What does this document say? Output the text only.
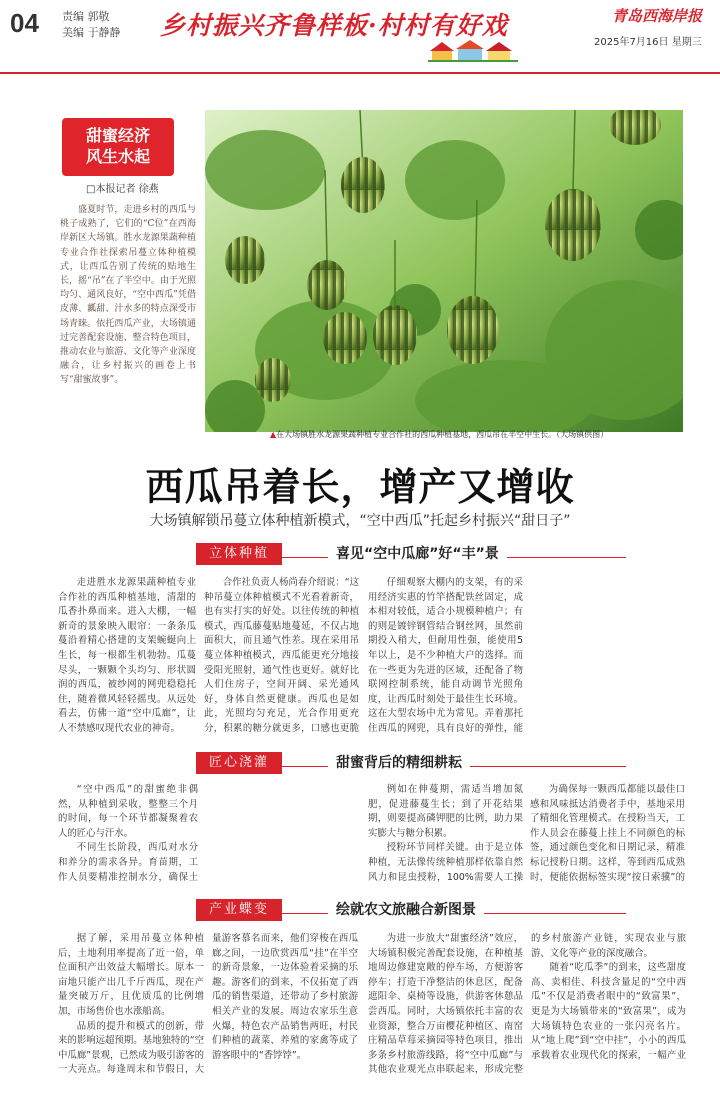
04 责编 郭敬
美编 于静静 乡村振兴齐鲁样板·村村有好戏	青岛西海岸报
2025年7月16日 星期三
甜蜜经济
风生水起
□本报记者 徐燕
盛夏时节，走进乡村的西瓜与桃子成熟了，它们的“C位”在西海岸新区大场镇。胜水龙源果蔬种植专业合作社探索吊蔓立体种植模式，让西瓜告别了传统的贴地生长，摇“吊”在了半空中。由于光照均匀、通风良好，“空中西瓜”凭借皮薄、瓤甜、汁水多的特点深受市场青睐。依托西瓜产业，大场镇通过完善配套设施、整合特色项目，推动农业与旅游、文化等产业深度融合，让乡村振兴的画卷上书写“甜蜜故事”。
▲在大场镇胜水龙源果蔬种植专业合作社的西瓜种植基地，西瓜吊在半空中生长。（大场镇供图）
西瓜吊着长，增产又增收
大场镇解锁吊蔓立体种植新模式，“空中西瓜”托起乡村振兴“甜日子”
立体种植	喜见“空中瓜廊”好“丰”景

走进胜水龙源果蔬种植专业合作社的西瓜种植基地，清甜的瓜香扑鼻而来。进入大棚，一幅新奇的景象映入眼帘：一条条瓜蔓沿着精心搭建的支架蜿蜒向上生长，每一根都生机勃勃。瓜蔓尽头，一颗颗个头均匀、形状圆润的西瓜，被纱网的网兜稳稳托住，随着微风轻轻摇曳。从远处看去，仿佛一道“空中瓜廊”，让人不禁感叹现代农业的神奇。

合作社负责人杨尚春介绍说：“这种吊蔓立体种植模式不光看着新奇，也有实打实的好处。以往传统的种植模式，西瓜藤蔓贴地蔓延，不仅占地面积大，而且通气性差。现在采用吊蔓立体种植模式，西瓜能更充分地接受阳光照射，通气性也更好。就好比人们住房子，空间开阔、采光通风好，身体自然更健康。西瓜也是如此，光照均匀充足，光合作用更充分，积累的糖分就更多，口感也更脆

仔细观察大棚内的支架，有的采用经济实惠的竹竿搭配铁丝固定，成本相对较低，适合小规模种植户；有的则是镀锌钢管结合钢丝网，虽然前期投入稍大，但耐用性强，能使用5年以上，是不少种植大户的选择。而在一些更为先进的区域，还配备了物联网控制系统，能自动调节光照角度，让西瓜时刻处于最佳生长环境。这在大型农场中尤为常见。弄着那托住西瓜的网兜，具有良好的弹性，能

匠心浇灌	甜蜜背后的精细耕耘

“空中西瓜”的甜蜜绝非偶然，从种植到采收，整整三个月的时间，每一个环节都凝聚着农人的匠心与汗水。

不同生长阶段，西瓜对水分和养分的需求各异。育苗期，工作人员要精准控制水分，确保土

例如在伸蔓期，需适当增加氮肥，促进藤蔓生长；到了开花结果期，则要提高磷钾肥的比例，助力果实膨大与糖分积累。

授粉环节同样关键。由于是立体种植，无法像传统种植那样依靠自然风力和昆虫授粉，100%需要人工操

为确保每一颗西瓜都能以最佳口感和风味抵达消费者手中，基地采用了精细化管理模式。在授粉当天，工作人员会在藤蔓上挂上不同颜色的标签，通过颜色变化和日期记录，精准标记授粉日期。这样，等到西瓜成熟时，便能依据标签实现“按日索骥”的

产业蝶变	绘就农文旅融合新图景

据了解，采用吊蔓立体种植后，土地利用率提高了近一倍，单位面积产出效益大幅增长。原本一亩地只能产出几千斤西瓜，现在产量突破万斤，且优质瓜的比例增加，市场售价也水涨船高。

品质的提升和模式的创新，带来的影响远超预期。基地独特的“空中瓜廊”景观，已然成为吸引游客的一大亮点。每逢周末和节假日，大量游客慕名而来，他们穿梭在西瓜廊之间，一边欣赏西瓜“挂”在半空的新奇景象，一边体验着采摘的乐趣。游客们的到来，不仅拓宽了西瓜的销售渠道，还带动了乡村旅游相关产业的发展。周边农家乐生意火爆，特色农产品销售两旺，村民们种植的蔬菜、养殖的家禽等成了游客眼中的“香饽饽”。

为进一步放大“甜蜜经济”效应，大场镇积极完善配套设施，在种植基地周边修建宽敞的停车场，方便游客停车；打造干净整洁的休息区，配备遮阳伞、桌椅等设施，供游客休憩品尝西瓜。同时，大场镇依托丰富的农业资源，整合万亩樱花种植区、南窑庄精品草莓采摘园等特色项目，推出多条乡村旅游线路，将“空中瓜廊”与其他农业观光点串联起来，形成完整的乡村旅游产业链，实现农业与旅游、文化等产业的深度融合。

随着“吃瓜季”的到来，这些甜度高、卖相佳、科技含量足的“空中西瓜”不仅是消费者眼中的“致富果”，更是为大场镇带来的“致富果”，成为大场镇特色农业的一张闪亮名片。从“地上爬”到“空中挂”，小小的西瓜承载着农业现代化的探索，一幅产业
